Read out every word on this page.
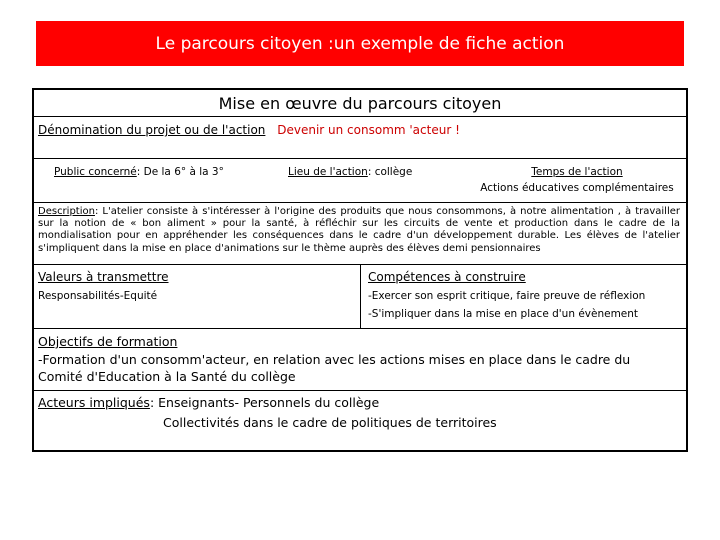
Le parcours citoyen :un exemple de fiche action
Mise en œuvre du parcours citoyen
Dénomination du projet ou de l'action Devenir un consomm 'acteur !
Public concerné: De la 6° à la 3°	Lieu de l'action: collège	Temps de l'action
Actions éducatives complémentaires
Description: L'atelier consiste à s'intéresser à l'origine des produits que nous consommons, à notre alimentation , à travailler sur la notion de « bon aliment » pour la santé, à réfléchir sur les circuits de vente et production dans le cadre de la mondialisation pour en appréhender les conséquences dans le cadre d'un développement durable. Les élèves de l'atelier s'impliquent dans la mise en place d'animations sur le thème auprès des élèves demi pensionnaires
Valeurs à transmettre
Responsabilités-Equité
Compétences à construire
-Exercer son esprit critique, faire preuve de réflexion
-S'impliquer dans la mise en place d'un évènement
Objectifs de formation
-Formation d'un consomm'acteur, en relation avec les actions mises en place dans le cadre du
Comité d'Education à la Santé du collège
Acteurs impliqués: Enseignants- Personnels du collège
Collectivités dans le cadre de politiques de territoires
